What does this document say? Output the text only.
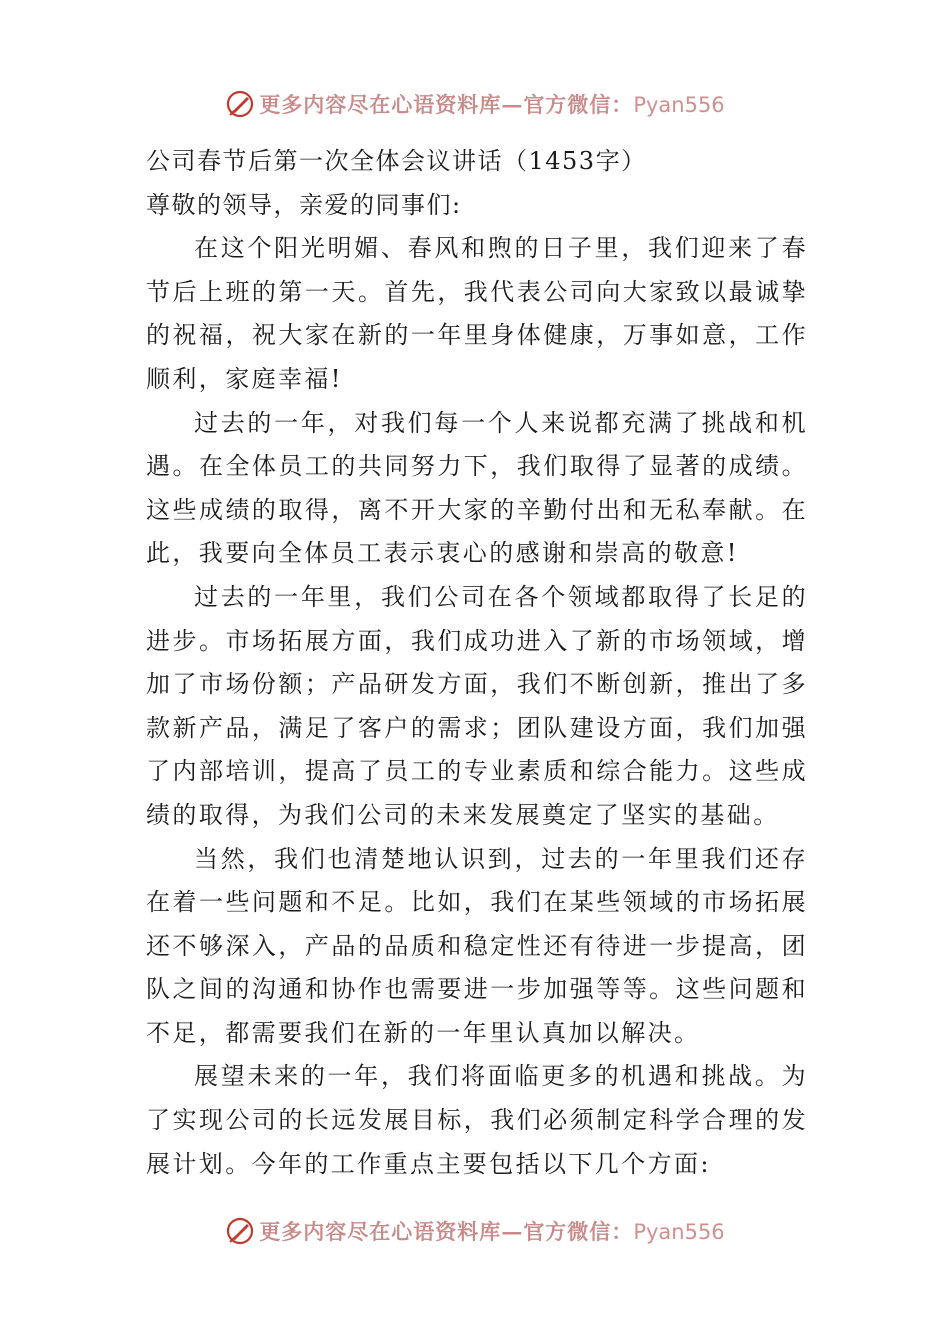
更多内容尽在心语资料库—官方微信：Pyan556

公司春节后第一次全体会议讲话（1453字）

尊敬的领导，亲爱的同事们:

在这个阳光明媚、春风和煦的日子里，我们迎来了春节后上班的第一天。首先，我代表公司向大家致以最诚挚的祝福，祝大家在新的一年里身体健康，万事如意，工作顺利，家庭幸福!

过去的一年，对我们每一个人来说都充满了挑战和机遇。在全体员工的共同努力下，我们取得了显著的成绩。这些成绩的取得，离不开大家的辛勤付出和无私奉献。在此，我要向全体员工表示衷心的感谢和崇高的敬意!

过去的一年里，我们公司在各个领域都取得了长足的进步。市场拓展方面，我们成功进入了新的市场领域，增加了市场份额；产品研发方面，我们不断创新，推出了多款新产品，满足了客户的需求；团队建设方面，我们加强了内部培训，提高了员工的专业素质和综合能力。这些成绩的取得，为我们公司的未来发展奠定了坚实的基础。

当然，我们也清楚地认识到，过去的一年里我们还存在着一些问题和不足。比如，我们在某些领域的市场拓展还不够深入，产品的品质和稳定性还有待进一步提高，团队之间的沟通和协作也需要进一步加强等等。这些问题和不足，都需要我们在新的一年里认真加以解决。

展望未来的一年，我们将面临更多的机遇和挑战。为了实现公司的长远发展目标，我们必须制定科学合理的发展计划。今年的工作重点主要包括以下几个方面:

更多内容尽在心语资料库—官方微信：Pyan556
